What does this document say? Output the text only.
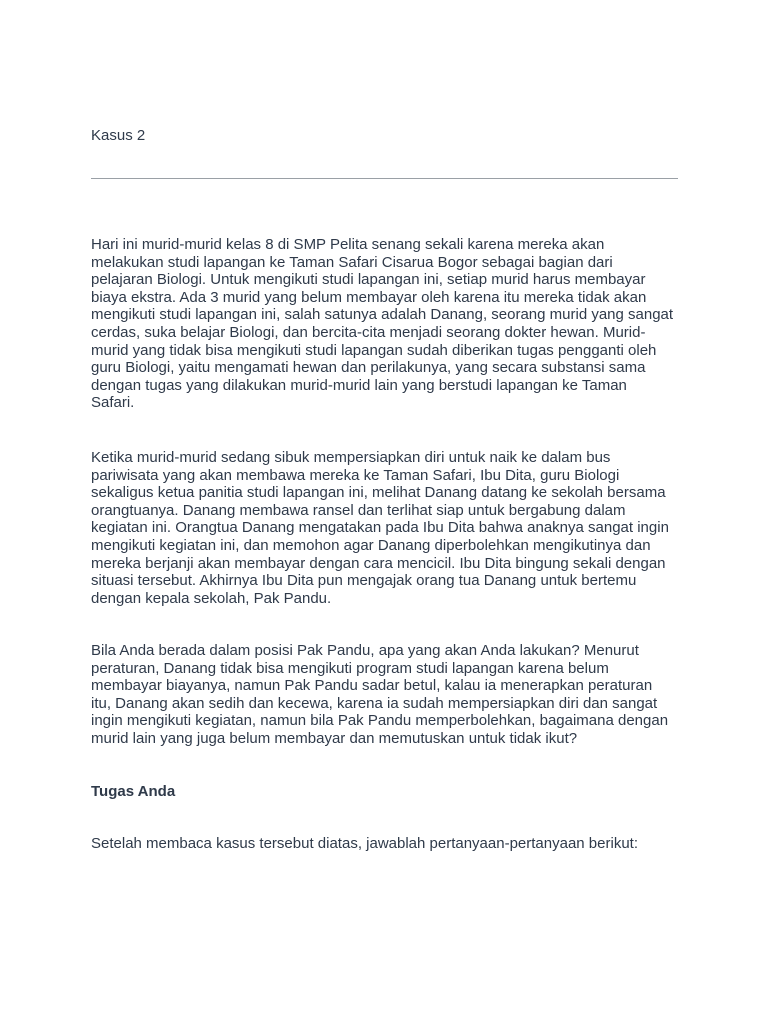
Kasus 2

Hari ini murid-murid kelas 8 di SMP Pelita senang sekali karena mereka akan
melakukan studi lapangan ke Taman Safari Cisarua Bogor sebagai bagian dari
pelajaran Biologi. Untuk mengikuti studi lapangan ini, setiap murid harus membayar
biaya ekstra. Ada 3 murid yang belum membayar oleh karena itu mereka tidak akan
mengikuti studi lapangan ini, salah satunya adalah Danang, seorang murid yang sangat
cerdas, suka belajar Biologi, dan bercita-cita menjadi seorang dokter hewan. Murid-
murid yang tidak bisa mengikuti studi lapangan sudah diberikan tugas pengganti oleh
guru Biologi, yaitu mengamati hewan dan perilakunya, yang secara substansi sama
dengan tugas yang dilakukan murid-murid lain yang berstudi lapangan ke Taman
Safari.

Ketika murid-murid sedang sibuk mempersiapkan diri untuk naik ke dalam bus
pariwisata yang akan membawa mereka ke Taman Safari, Ibu Dita, guru Biologi
sekaligus ketua panitia studi lapangan ini, melihat Danang datang ke sekolah bersama
orangtuanya. Danang membawa ransel dan terlihat siap untuk bergabung dalam
kegiatan ini. Orangtua Danang mengatakan pada Ibu Dita bahwa anaknya sangat ingin
mengikuti kegiatan ini, dan memohon agar Danang diperbolehkan mengikutinya dan
mereka berjanji akan membayar dengan cara mencicil. Ibu Dita bingung sekali dengan
situasi tersebut. Akhirnya Ibu Dita pun mengajak orang tua Danang untuk bertemu
dengan kepala sekolah, Pak Pandu.

Bila Anda berada dalam posisi Pak Pandu, apa yang akan Anda lakukan? Menurut
peraturan, Danang tidak bisa mengikuti program studi lapangan karena belum
membayar biayanya, namun Pak Pandu sadar betul, kalau ia menerapkan peraturan
itu, Danang akan sedih dan kecewa, karena ia sudah mempersiapkan diri dan sangat
ingin mengikuti kegiatan, namun bila Pak Pandu memperbolehkan, bagaimana dengan
murid lain yang juga belum membayar dan memutuskan untuk tidak ikut?

Tugas Anda

Setelah membaca kasus tersebut diatas, jawablah pertanyaan-pertanyaan berikut:
